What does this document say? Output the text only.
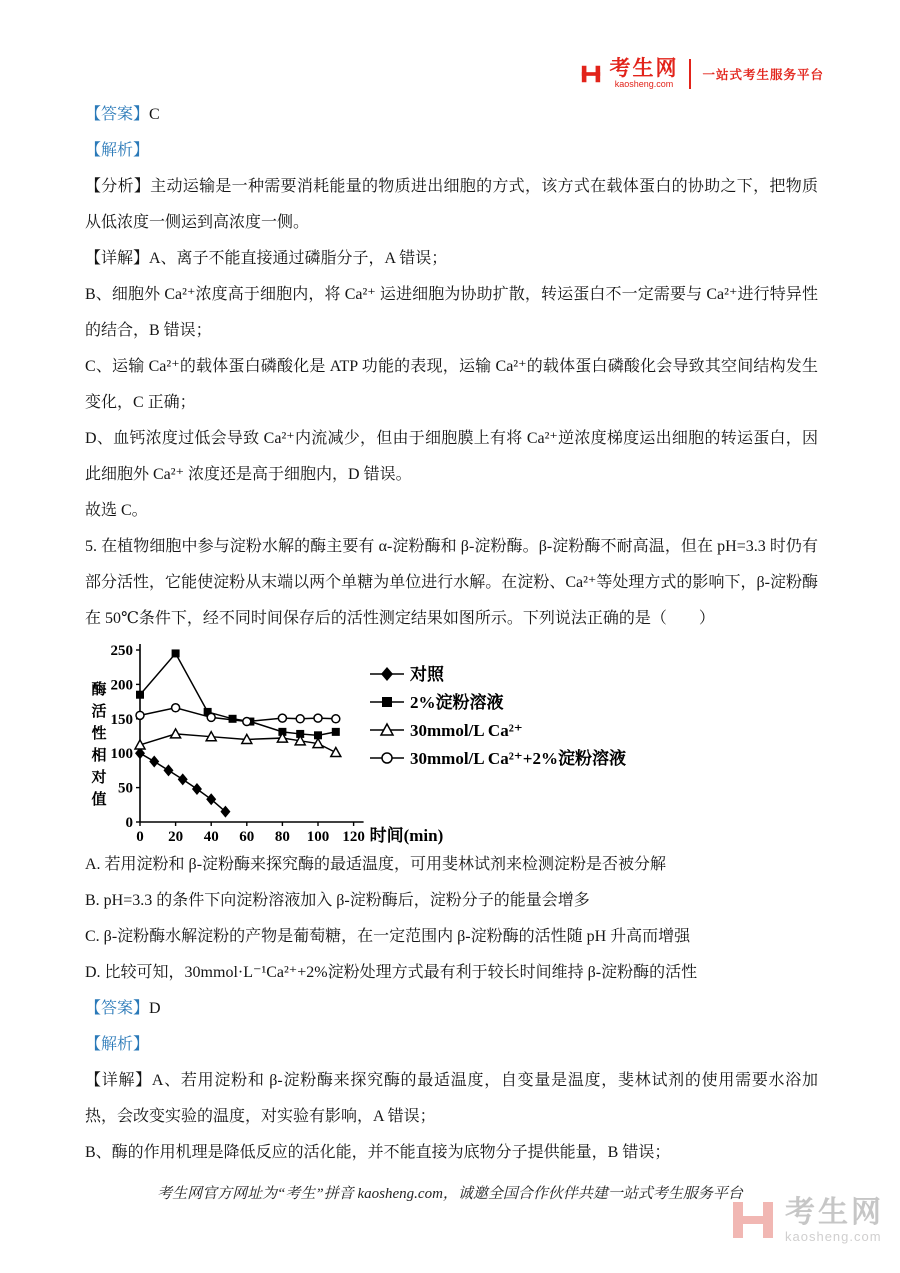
考生网
kaosheng.com
一站式考生服务平台

【答案】C

【解析】

【分析】主动运输是一种需要消耗能量的物质进出细胞的方式，该方式在载体蛋白的协助之下，把物质从低浓度一侧运到高浓度一侧。

【详解】A、离子不能直接通过磷脂分子，A 错误；

B、细胞外 Ca²⁺浓度高于细胞内，将 Ca²⁺ 运进细胞为协助扩散，转运蛋白不一定需要与 Ca²⁺进行特异性的结合，B 错误；

C、运输 Ca²⁺的载体蛋白磷酸化是 ATP 功能的表现，运输 Ca²⁺的载体蛋白磷酸化会导致其空间结构发生变化，C 正确；

D、血钙浓度过低会导致 Ca²⁺内流减少，但由于细胞膜上有将 Ca²⁺逆浓度梯度运出细胞的转运蛋白，因此细胞外 Ca²⁺ 浓度还是高于细胞内，D 错误。

故选 C。

5. 在植物细胞中参与淀粉水解的酶主要有 α-淀粉酶和 β-淀粉酶。β-淀粉酶不耐高温，但在 pH=3.3 时仍有部分活性，它能使淀粉从末端以两个单糖为单位进行水解。在淀粉、Ca²⁺等处理方式的影响下，β-淀粉酶在 50℃条件下，经不同时间保存后的活性测定结果如图所示。下列说法正确的是（　　）

0 20 40 60 80 100 120
0
50
100
150
200
250
时间(min)
酶
活
性
相
对
值
对照
2%淀粉溶液
30mmol/L Ca²⁺
30mmol/L Ca²⁺+2%淀粉溶液

A. 若用淀粉和 β-淀粉酶来探究酶的最适温度，可用斐林试剂来检测淀粉是否被分解

B. pH=3.3 的条件下向淀粉溶液加入 β-淀粉酶后，淀粉分子的能量会增多

C. β-淀粉酶水解淀粉的产物是葡萄糖，在一定范围内 β-淀粉酶的活性随 pH 升高而增强

D. 比较可知，30mmol·L⁻¹Ca²⁺+2%淀粉处理方式最有利于较长时间维持 β-淀粉酶的活性

【答案】D

【解析】

【详解】A、若用淀粉和 β-淀粉酶来探究酶的最适温度，自变量是温度，斐林试剂的使用需要水浴加热，会改变实验的温度，对实验有影响，A 错误；

B、酶的作用机理是降低反应的活化能，并不能直接为底物分子提供能量，B 错误；

考生网官方网址为“考生”拼音 kaosheng.com，诚邀全国合作伙伴共建一站式考生服务平台
考生网
kaosheng.com
